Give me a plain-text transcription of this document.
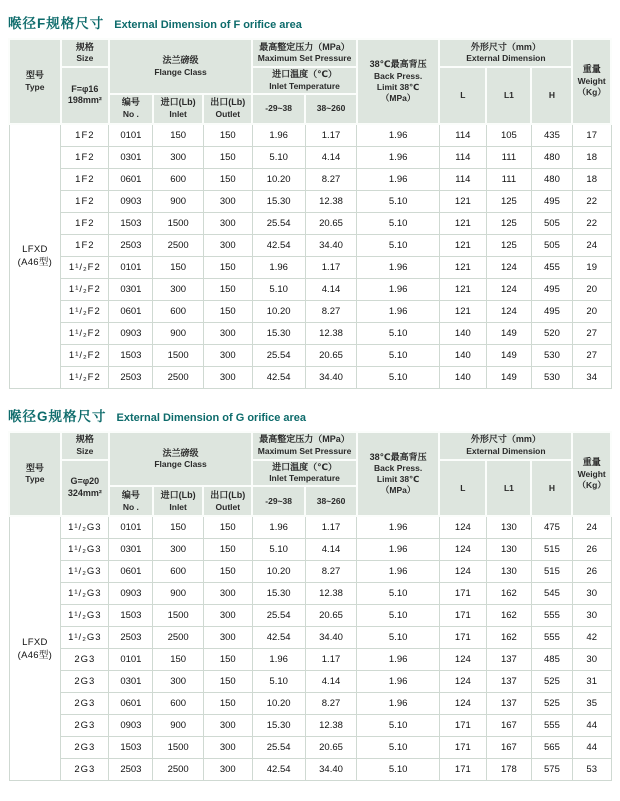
喉径F规格尺寸 External Dimension of F orifice area
型号
Type

规格
Size	法兰磅级
Flange Class

最高整定压力（MPa）
Maximum Set Pressure

38℃最高背压
Back Press.
Limit 38℃
（MPa）

外形尺寸（mm）
External Dimension

重量
Weight
（Kg）

F=φ16
198mm²

进口温度（℃）
Inlet Temperature

L	L1	H

编号
No .

进口(Lb)
Inlet

出口(Lb)
Outlet

-29~38	38~260

LFXD
(A46型)	1F2	0101	150	150	1.96	1.17	1.96	114	105	435	17
	1F2	0301	300	150	5.10	4.14	1.96	114	111	480	18
	1F2	0601	600	150	10.20	8.27	1.96	114	111	480	18
	1F2	0903	900	300	15.30	12.38	5.10	121	125	495	22
	1F2	1503	1500	300	25.54	20.65	5.10	121	125	505	22
	1F2	2503	2500	300	42.54	34.40	5.10	121	125	505	24
	1¹/₂F2	0101	150	150	1.96	1.17	1.96	121	124	455	19
	1¹/₂F2	0301	300	150	5.10	4.14	1.96	121	124	495	20
	1¹/₂F2	0601	600	150	10.20	8.27	1.96	121	124	495	20
	1¹/₂F2	0903	900	300	15.30	12.38	5.10	140	149	520	27
	1¹/₂F2	1503	1500	300	25.54	20.65	5.10	140	149	530	27
	1¹/₂F2	2503	2500	300	42.54	34.40	5.10	140	149	530	34
喉径G规格尺寸 External Dimension of G orifice area
型号
Type

规格
Size	法兰磅级
Flange Class

最高整定压力（MPa）
Maximum Set Pressure

38℃最高背压
Back Press.
Limit 38℃
（MPa）

外形尺寸（mm）
External Dimension

重量
Weight
（Kg）

G=φ20
324mm²

进口温度（℃）
Inlet Temperature

L	L1	H

编号
No .

进口(Lb)
Inlet

出口(Lb)
Outlet

-29~38	38~260

LFXD
(A46型)	1¹/₂G3	0101	150	150	1.96	1.17	1.96	124	130	475	24
	1¹/₂G3	0301	300	150	5.10	4.14	1.96	124	130	515	26
	1¹/₂G3	0601	600	150	10.20	8.27	1.96	124	130	515	26
	1¹/₂G3	0903	900	300	15.30	12.38	5.10	171	162	545	30
	1¹/₂G3	1503	1500	300	25.54	20.65	5.10	171	162	555	30
	1¹/₂G3	2503	2500	300	42.54	34.40	5.10	171	162	555	42
	2G3	0101	150	150	1.96	1.17	1.96	124	137	485	30
	2G3	0301	300	150	5.10	4.14	1.96	124	137	525	31
	2G3	0601	600	150	10.20	8.27	1.96	124	137	525	35
	2G3	0903	900	300	15.30	12.38	5.10	171	167	555	44
	2G3	1503	1500	300	25.54	20.65	5.10	171	167	565	44
	2G3	2503	2500	300	42.54	34.40	5.10	171	178	575	53
